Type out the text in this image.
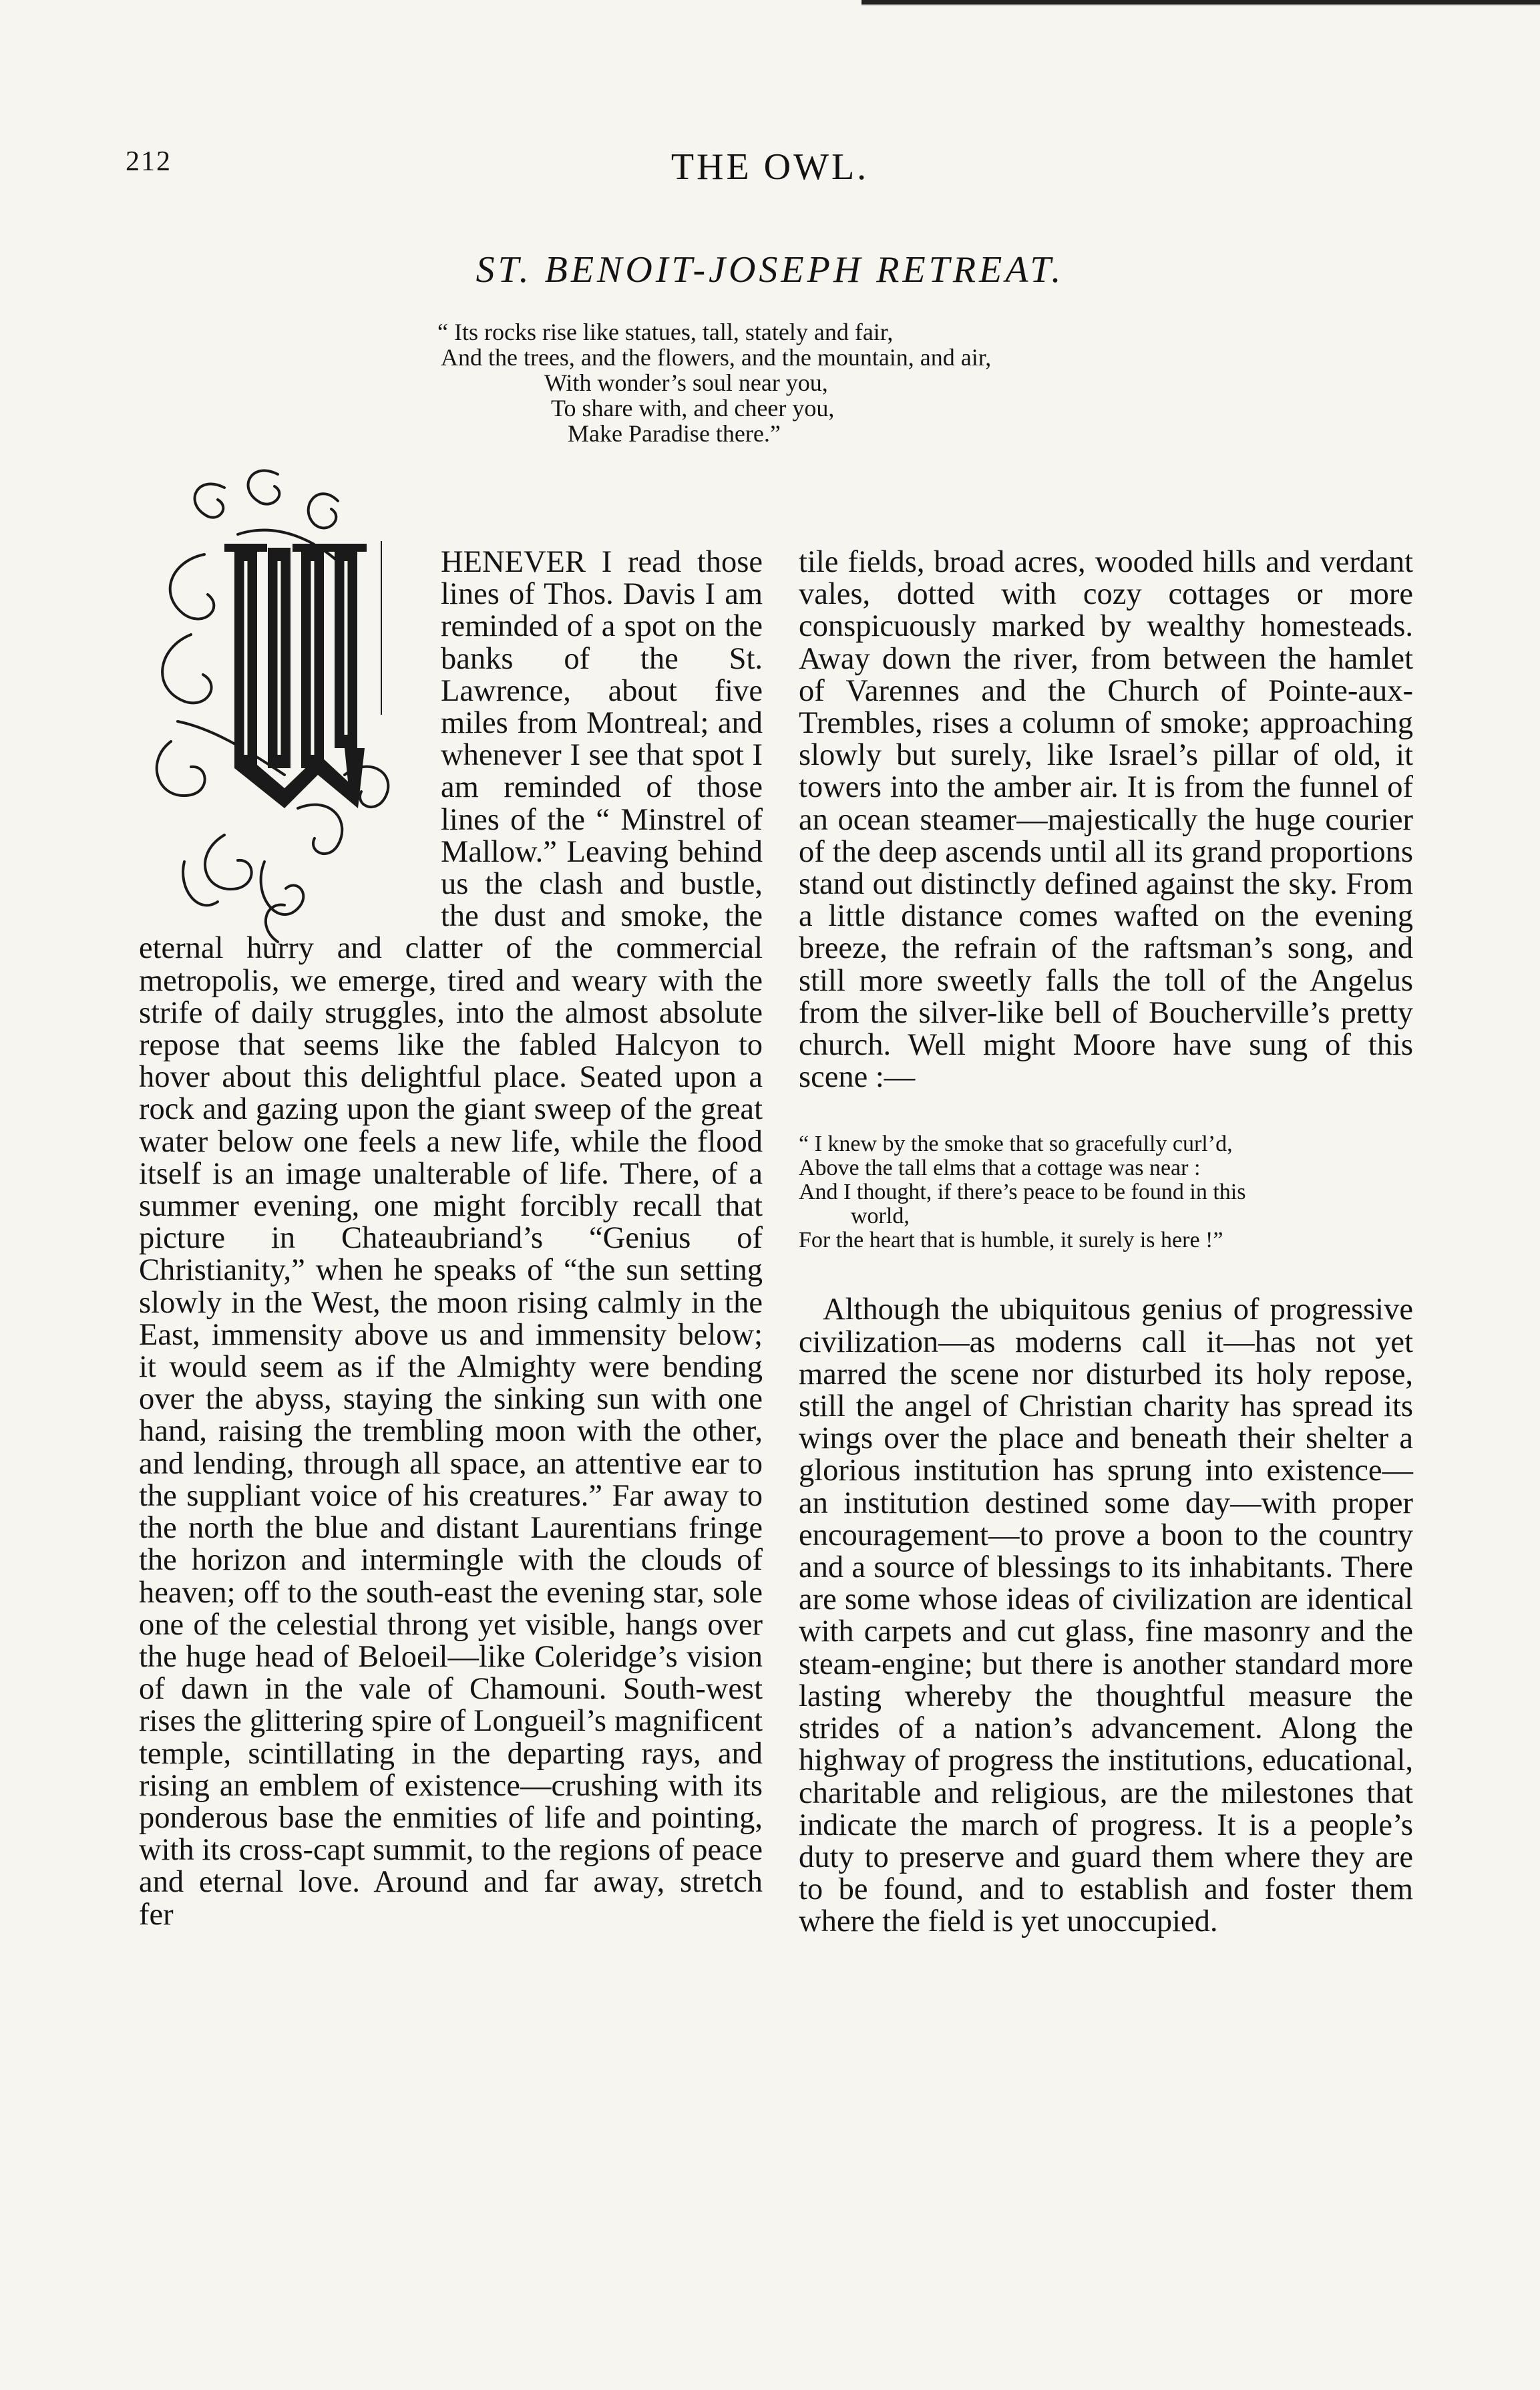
212	THE OWL.
ST. BENOIT-JOSEPH RETREAT.
“ Its rocks rise like statues, tall, stately and fair,
And the trees, and the flowers, and the mountain, and air,
With wonder’s soul near you,
To share with, and cheer you,
Make Paradise there.”

HENEVER I read those lines of Thos. Davis I am reminded of a spot on the banks of the St. Lawrence, about five miles from Montreal; and whenever I see that spot I am reminded of those lines of the “ Minstrel of Mallow.” Leaving behind us the clash and bustle, the dust and smoke, the eternal hurry and clatter of the commercial metropolis, we emerge, tired and weary with the strife of daily struggles, into the almost absolute repose that seems like the fabled Halcyon to hover about this delightful place. Seated upon a rock and gazing upon the giant sweep of the great water below one feels a new life, while the flood itself is an image unalterable of life. There, of a summer evening, one might forcibly recall that picture in Chateaubriand’s “Genius of Christianity,” when he speaks of “the sun setting slowly in the West, the moon rising calmly in the East, immensity above us and immensity below; it would seem as if the Almighty were bending over the abyss, staying the sinking sun with one hand, raising the trembling moon with the other, and lending, through all space, an attentive ear to the suppliant voice of his creatures.” Far away to the north the blue and distant Laurentians fringe the horizon and intermingle with the clouds of heaven; off to the south-east the evening star, sole one of the celestial throng yet visible, hangs over the huge head of Beloeil—like Coleridge’s vision of dawn in the vale of Chamouni. South-west rises the glittering spire of Longueil’s magnificent temple, scintillating in the departing rays, and rising an emblem of existence—crushing with its ponderous base the enmities of life and pointing, with its cross-capt summit, to the regions of peace and eternal love. Around and far away, stretch fer

tile fields, broad acres, wooded hills and verdant vales, dotted with cozy cottages or more conspicuously marked by wealthy homesteads. Away down the river, from between the hamlet of Varennes and the Church of Pointe-aux-Trembles, rises a column of smoke; approaching slowly but surely, like Israel’s pillar of old, it towers into the amber air. It is from the funnel of an ocean steamer—majestically the huge courier of the deep ascends until all its grand proportions stand out distinctly defined against the sky. From a little distance comes wafted on the evening breeze, the refrain of the raftsman’s song, and still more sweetly falls the toll of the Angelus from the silver-like bell of Boucherville’s pretty church. Well might Moore have sung of this scene :—

“ I knew by the smoke that so gracefully curl’d,
Above the tall elms that a cottage was near :
And I thought, if there’s peace to be found in this
world,
For the heart that is humble, it surely is here !”

Although the ubiquitous genius of progressive civilization—as moderns call it—has not yet marred the scene nor disturbed its holy repose, still the angel of Christian charity has spread its wings over the place and beneath their shelter a glorious institution has sprung into existence—an institution destined some day—with proper encouragement—to prove a boon to the country and a source of blessings to its inhabitants. There are some whose ideas of civilization are identical with carpets and cut glass, fine masonry and the steam-engine; but there is another standard more lasting whereby the thoughtful measure the strides of a nation’s advancement. Along the highway of progress the institutions, educational, charitable and religious, are the milestones that indicate the march of progress. It is a people’s duty to preserve and guard them where they are to be found, and to establish and foster them where the field is yet unoccupied.
